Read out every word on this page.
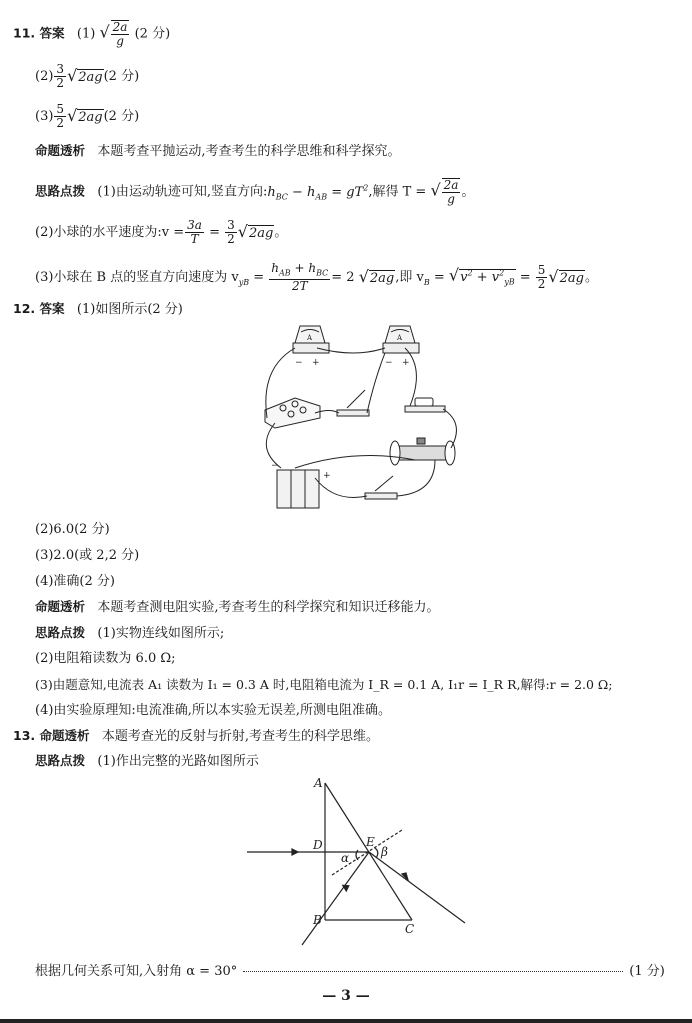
11. 答案 (1) √ $\frac{2a}{g} (2$ 分)
$(2) \frac{3}{2} √2ag(2$ 分)
$(3) \frac{5}{2} √2ag(2$ 分)
命题透析 本题考查平抛运动,考查考生的科学思维和科学探究。
思路点拨 (1)由运动轨迹可知,竖直方向$:h_{BC} - h_{AB} = gT^2$,解得 T = √ $\frac{2a}{g}$ 。
(2)小球的水平速度为:v = $\frac{3a}{T} = \frac{3}{2} √2ag$。
(3)小球在 B 点的竖直方向速度为 $v_{yB} = \frac{h_{AB} + h_{BC}}{2T} = 2$ √2ag,即 $v_B = √v^2 + v^2_{yB} = \frac{5}{2} √2ag$。
12. 答案 (1)如图所示(2 分)
A
− +
A
− +
−
+
(2)6.0(2 分)
(3)2.0(或 2,2 分)
(4)准确(2 分)
命题透析 本题考查测电阻实验,考查考生的科学探究和知识迁移能力。
思路点拨 (1)实物连线如图所示;
(2)电阻箱读数为 6.0 Ω;
(3)由题意知,电流表 A₁ 读数为 I₁ = 0.3 A 时,电阻箱电流为 I_R = 0.1 A, I₁r = I_R R,解得:r = 2.0 Ω;
(4)由实验原理知:电流准确,所以本实验无误差,所测电阻准确。
13. 命题透析 本题考查光的反射与折射,考查考生的科学思维。
思路点拨 (1)作出完整的光路如图所示
A
D	E
α	β
B
C
根据几何关系可知,入射角 α = 30°	(1 分)
— 3 —
